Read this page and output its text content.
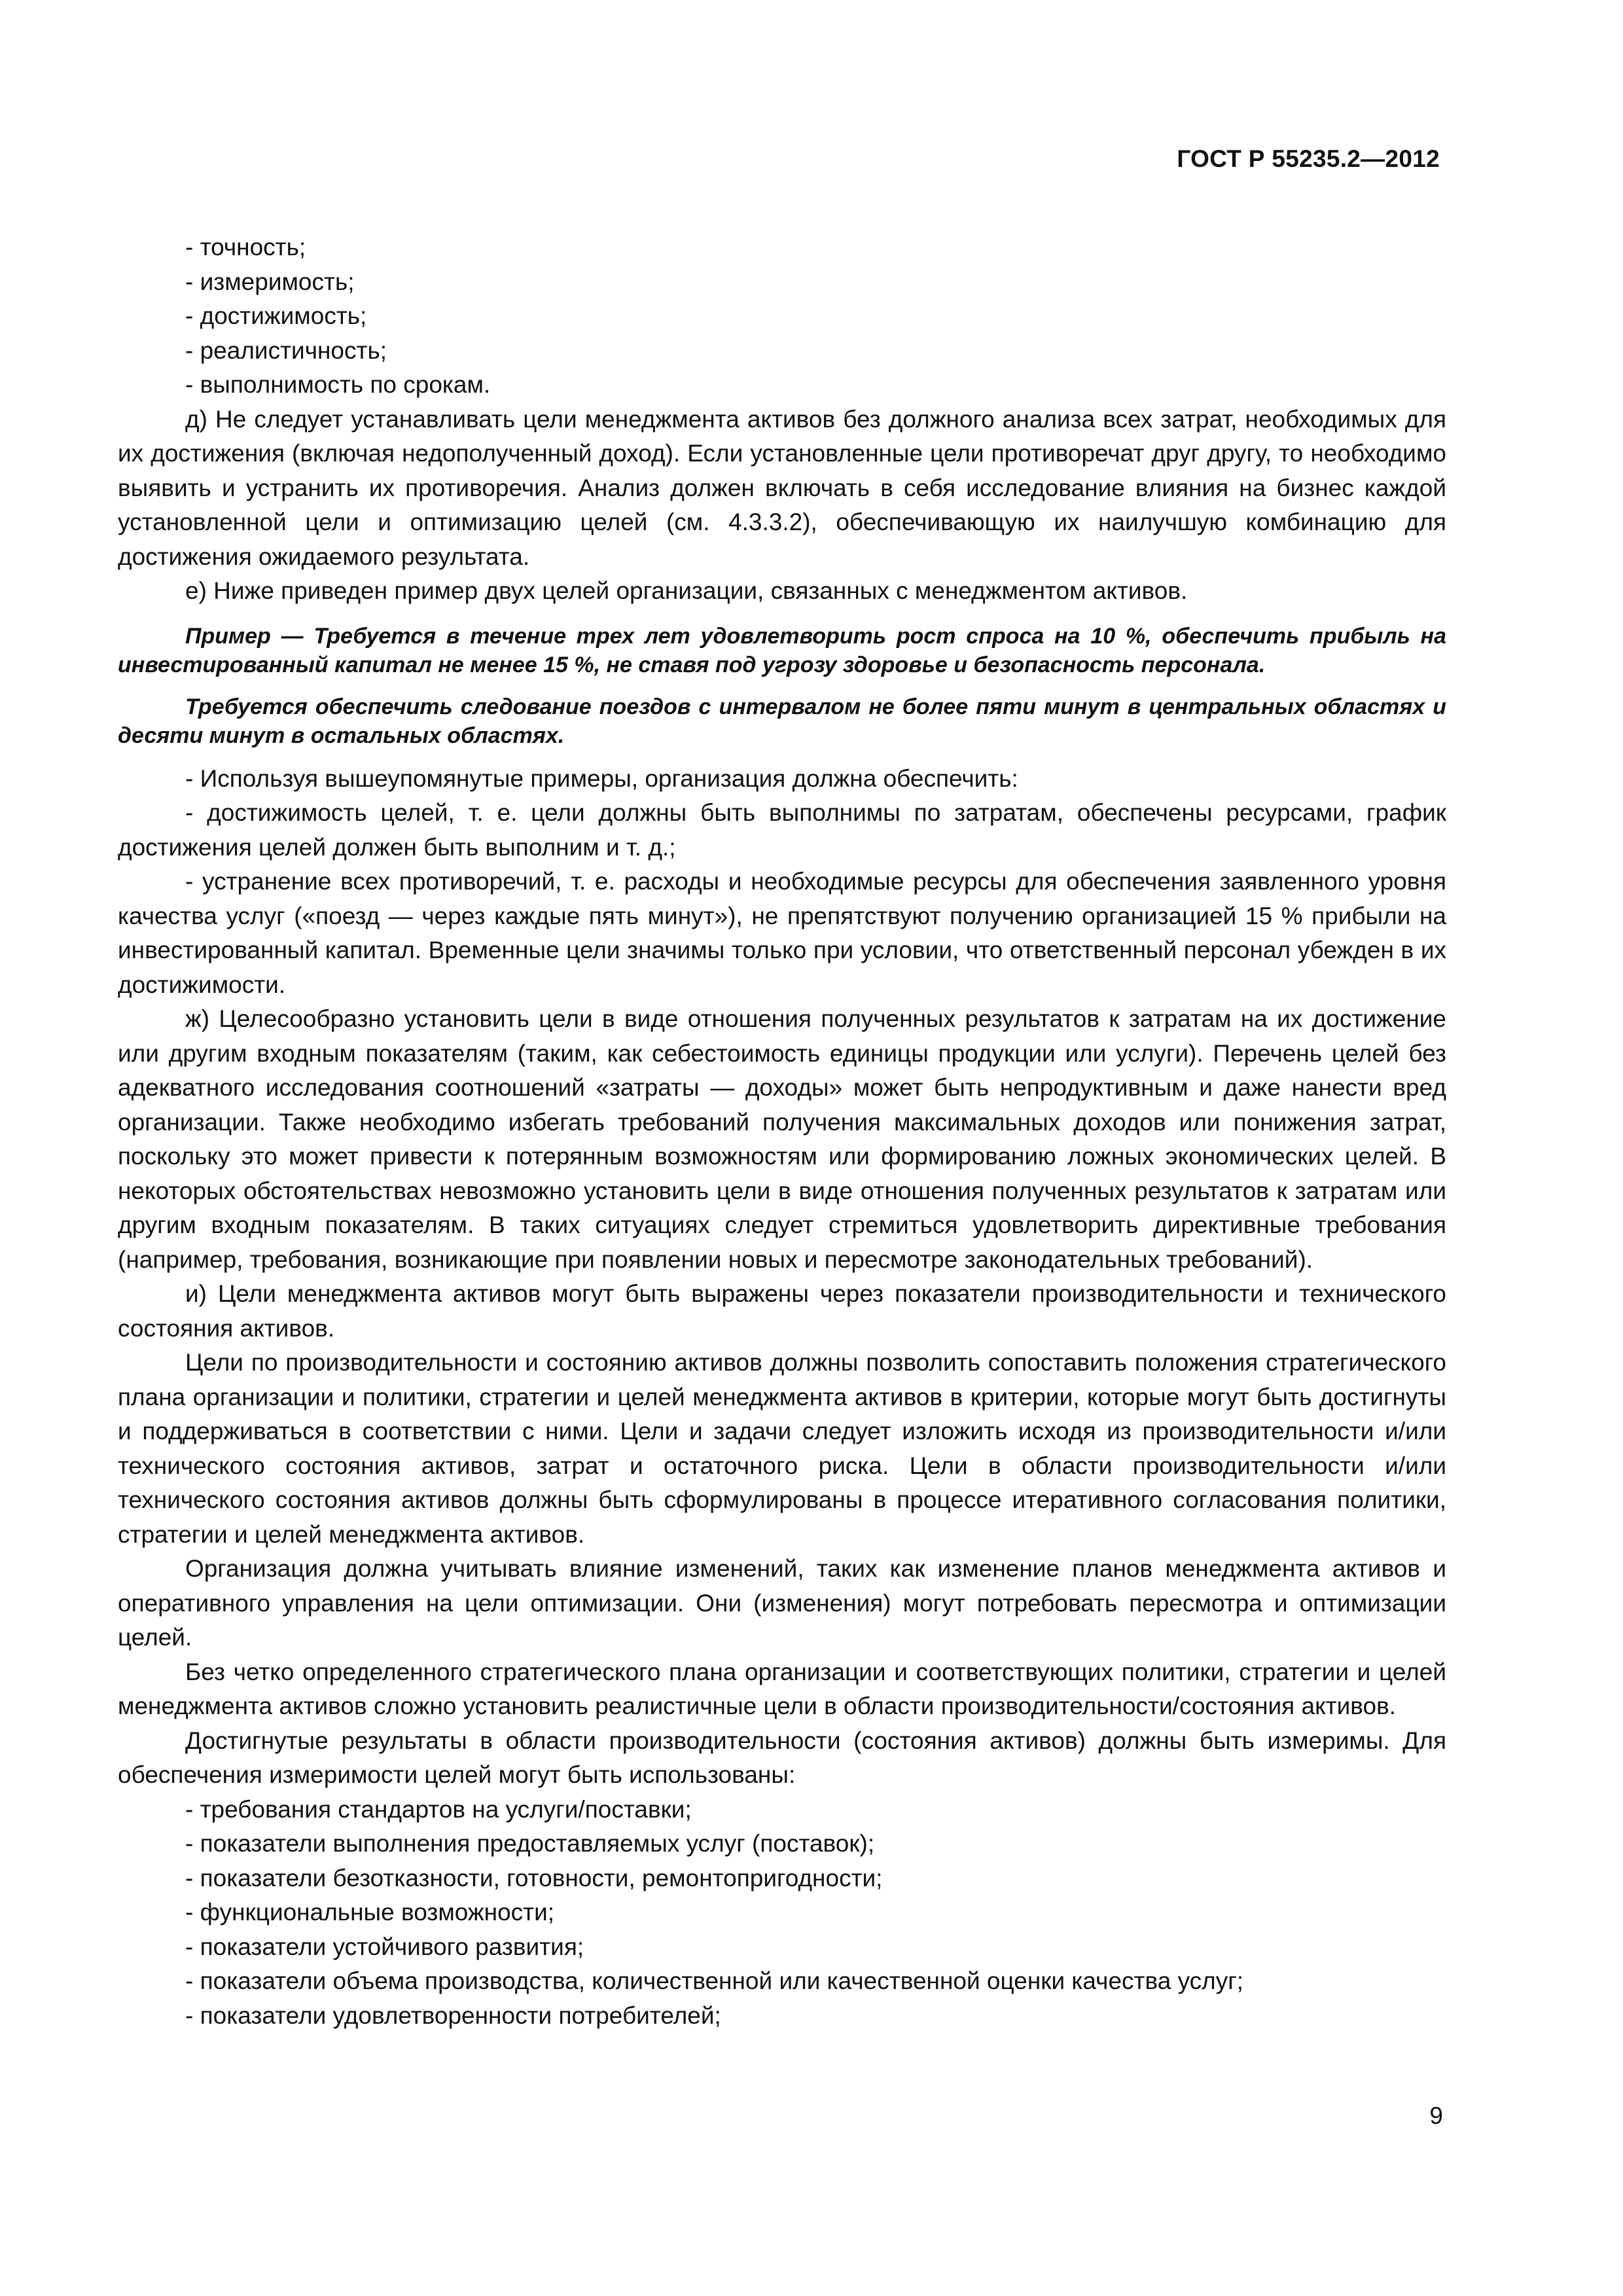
ГОСТ Р 55235.2—2012
- точность;
- измеримость;
- достижимость;
- реалистичность;
- выполнимость по срокам.

д) Не следует устанавливать цели менеджмента активов без должного анализа всех затрат, необходимых для их достижения (включая недополученный доход). Если установленные цели противоречат друг другу, то необходимо выявить и устранить их противоречия. Анализ должен включать в себя исследование влияния на бизнес каждой установленной цели и оптимизацию целей (см. 4.3.3.2), обеспечивающую их наилучшую комбинацию для достижения ожидаемого результата.

е) Ниже приведен пример двух целей организации, связанных с менеджментом активов.

Пример — Требуется в течение трех лет удовлетворить рост спроса на 10 %, обеспечить прибыль на инвестированный капитал не менее 15 %, не ставя под угрозу здоровье и безопасность персонала.

Требуется обеспечить следование поездов с интервалом не более пяти минут в центральных областях и десяти минут в остальных областях.

- Используя вышеупомянутые примеры, организация должна обеспечить:

- достижимость целей, т. е. цели должны быть выполнимы по затратам, обеспечены ресурсами, график достижения целей должен быть выполним и т. д.;

- устранение всех противоречий, т. е. расходы и необходимые ресурсы для обеспечения заявленного уровня качества услуг («поезд — через каждые пять минут»), не препятствуют получению организацией 15 % прибыли на инвестированный капитал. Временные цели значимы только при условии, что ответственный персонал убежден в их достижимости.

ж) Целесообразно установить цели в виде отношения полученных результатов к затратам на их достижение или другим входным показателям (таким, как себестоимость единицы продукции или услуги). Перечень целей без адекватного исследования соотношений «затраты — доходы» может быть непродуктивным и даже нанести вред организации. Также необходимо избегать требований получения максимальных доходов или понижения затрат, поскольку это может привести к потерянным возможностям или формированию ложных экономических целей. В некоторых обстоятельствах невозможно установить цели в виде отношения полученных результатов к затратам или другим входным показателям. В таких ситуациях следует стремиться удовлетворить директивные требования (например, требования, возникающие при появлении новых и пересмотре законодательных требований).

и) Цели менеджмента активов могут быть выражены через показатели производительности и технического состояния активов.

Цели по производительности и состоянию активов должны позволить сопоставить положения стратегического плана организации и политики, стратегии и целей менеджмента активов в критерии, которые могут быть достигнуты и поддерживаться в соответствии с ними. Цели и задачи следует изложить исходя из производительности и/или технического состояния активов, затрат и остаточного риска. Цели в области производительности и/или технического состояния активов должны быть сформулированы в процессе итеративного согласования политики, стратегии и целей менеджмента активов.

Организация должна учитывать влияние изменений, таких как изменение планов менеджмента активов и оперативного управления на цели оптимизации. Они (изменения) могут потребовать пересмотра и оптимизации целей.

Без четко определенного стратегического плана организации и соответствующих политики, стратегии и целей менеджмента активов сложно установить реалистичные цели в области производительности/состояния активов.

Достигнутые результаты в области производительности (состояния активов) должны быть измеримы. Для обеспечения измеримости целей могут быть использованы:

- требования стандартов на услуги/поставки;
- показатели выполнения предоставляемых услуг (поставок);
- показатели безотказности, готовности, ремонтопригодности;
- функциональные возможности;
- показатели устойчивого развития;
- показатели объема производства, количественной или качественной оценки качества услуг;
- показатели удовлетворенности потребителей;
9
